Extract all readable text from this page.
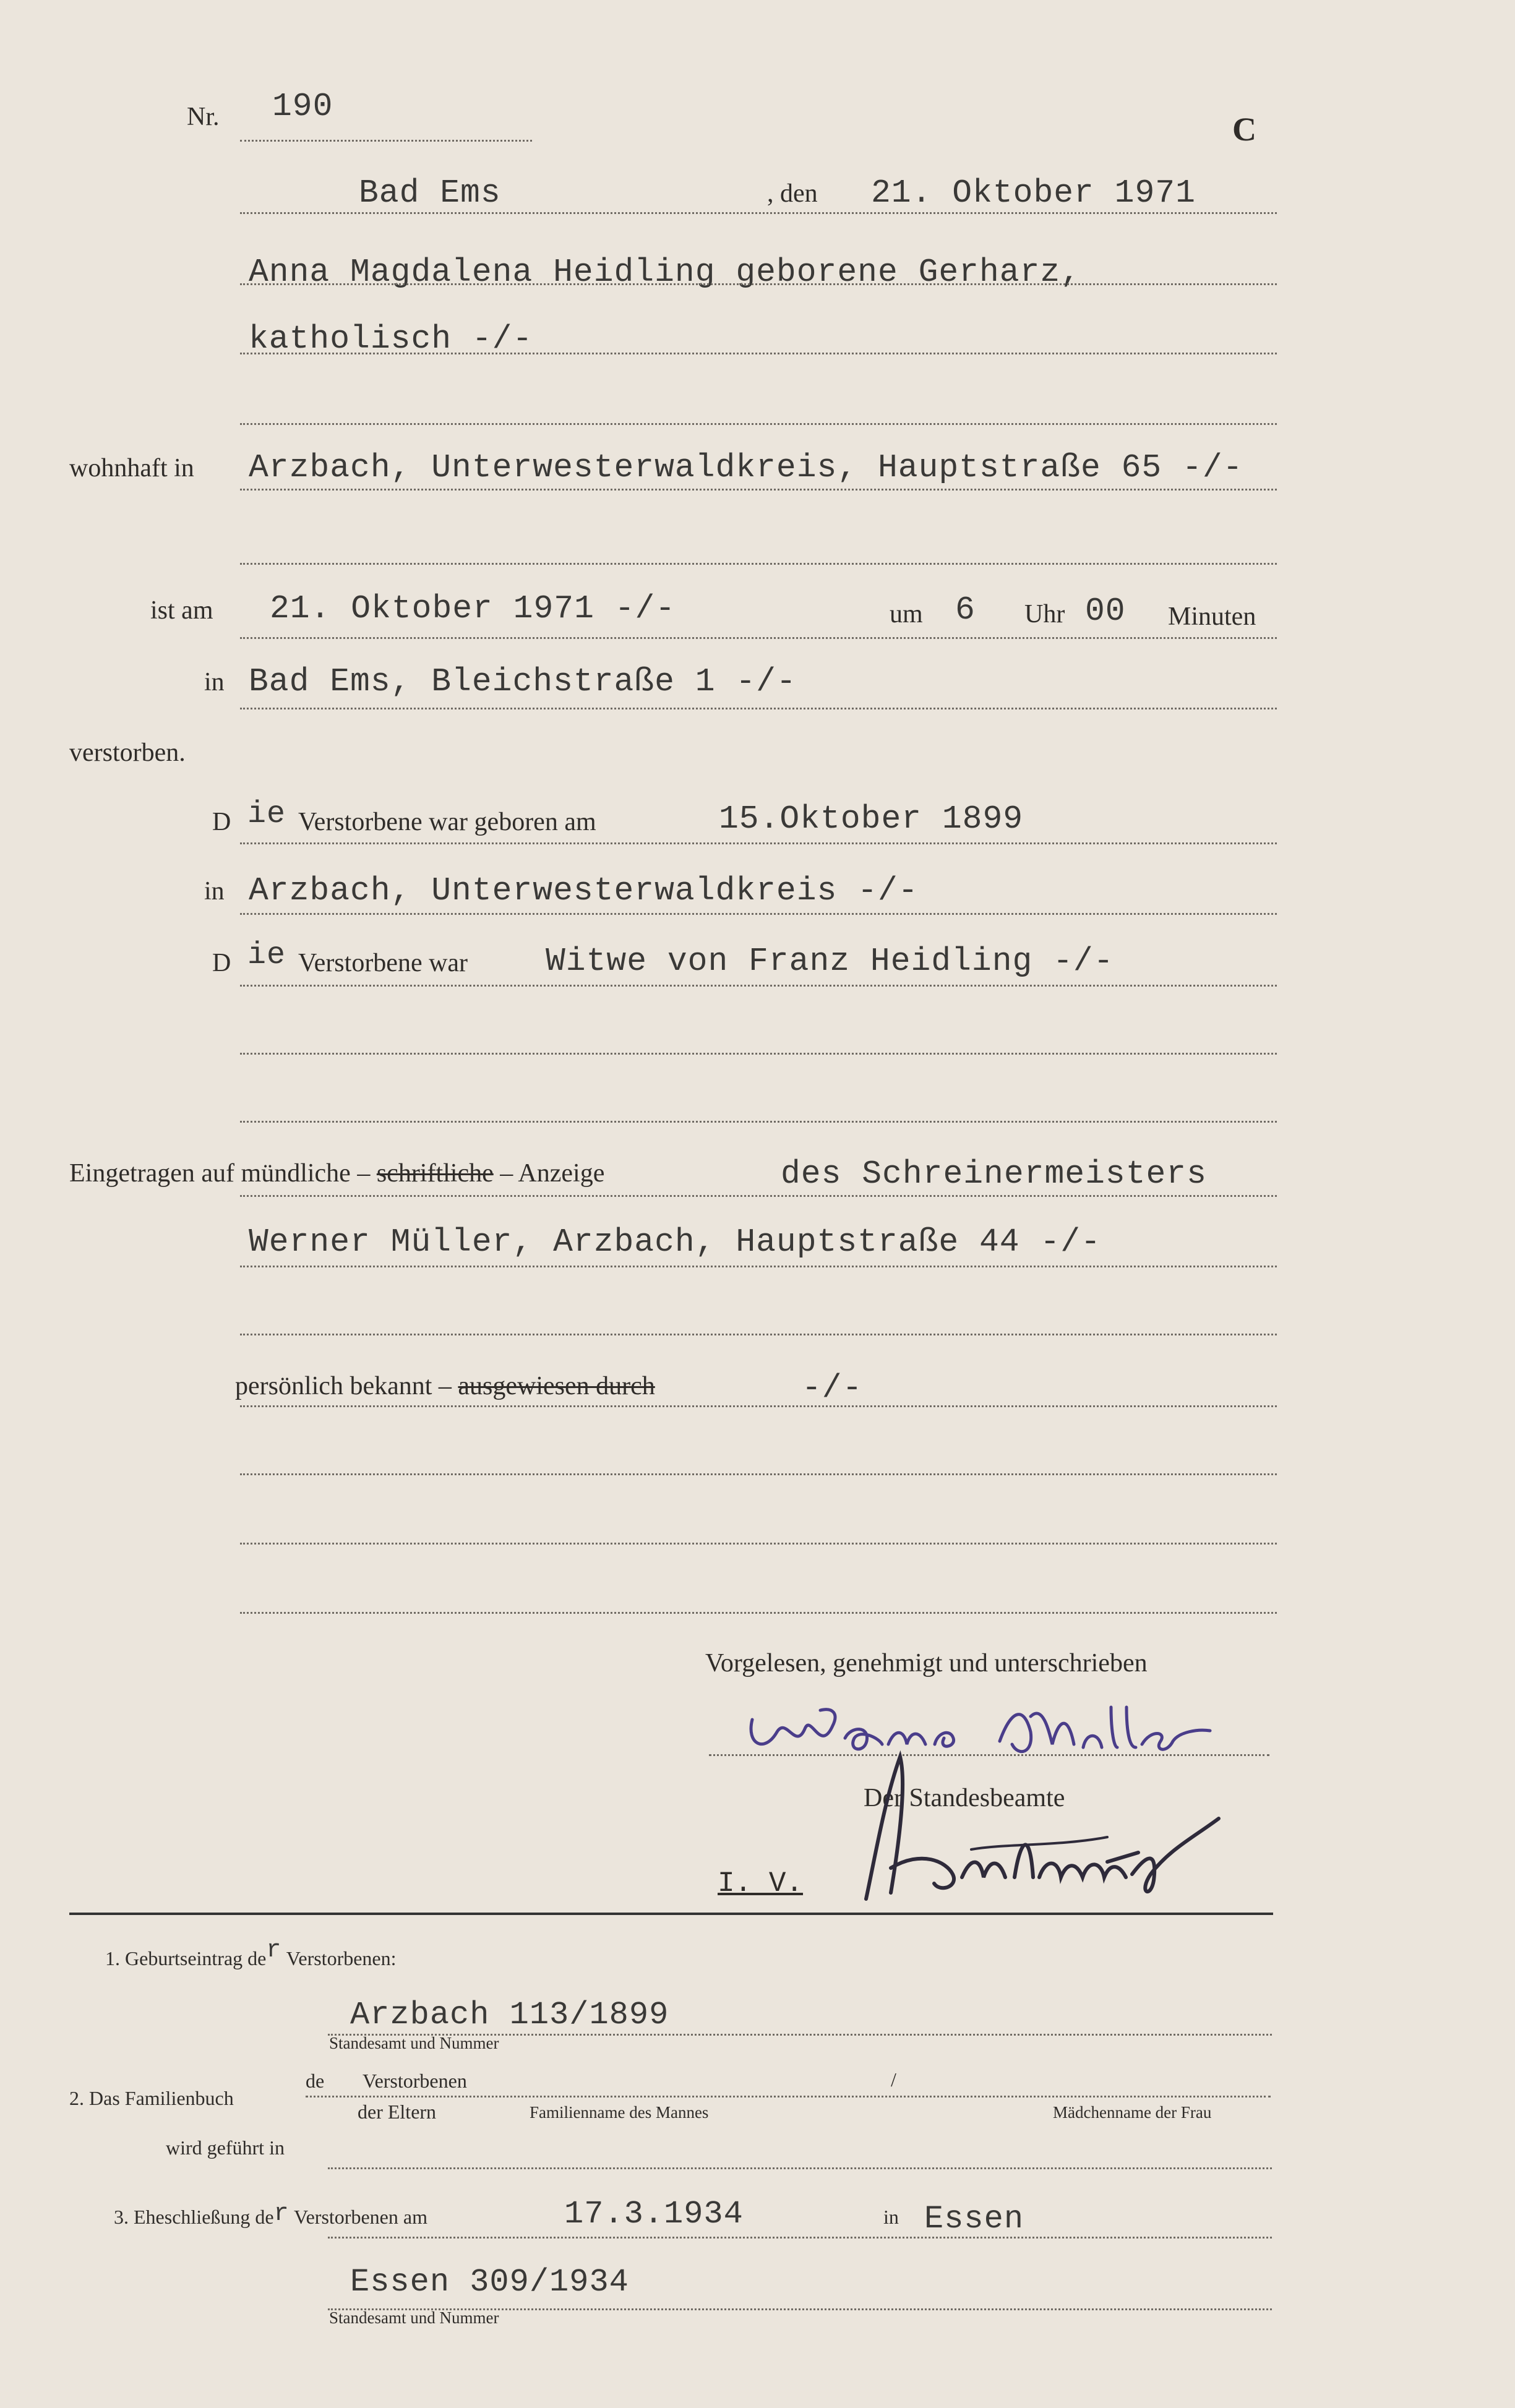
Nr. 190
C
Bad Ems	, den 21. Oktober 1971
Anna Magdalena Heidling geborene Gerharz,
katholisch -/-
wohnhaft in Arzbach, Unterwesterwaldkreis, Hauptstraße 65 -/-
ist am 21. Oktober 1971 -/-	um 6 Uhr 00 Minuten
in Bad Ems, Bleichstraße 1 -/-
verstorben.
D ie Verstorbene war geboren am	15.Oktober 1899
in Arzbach, Unterwesterwaldkreis -/-
D ie Verstorbene war Witwe von Franz Heidling -/-
Eingetragen auf mündliche – schriftliche – Anzeige	des Schreinermeisters
Werner Müller, Arzbach, Hauptstraße 44 -/-
persönlich bekannt – ausgewiesen durch	-/-
Vorgelesen, genehmigt und unterschrieben
Der Standesbeamte
I. V.
1. Geburtseintrag der Verstorbenen:
Arzbach 113/1899
Standesamt und Nummer
2. Das Familienbuch
de Verstorbenen	/
der Eltern	Familienname des Mannes	Mädchenname der Frau
wird geführt in
3. Eheschließung der Verstorbenen am	17.3.1934	in Essen
Essen 309/1934
Standesamt und Nummer
